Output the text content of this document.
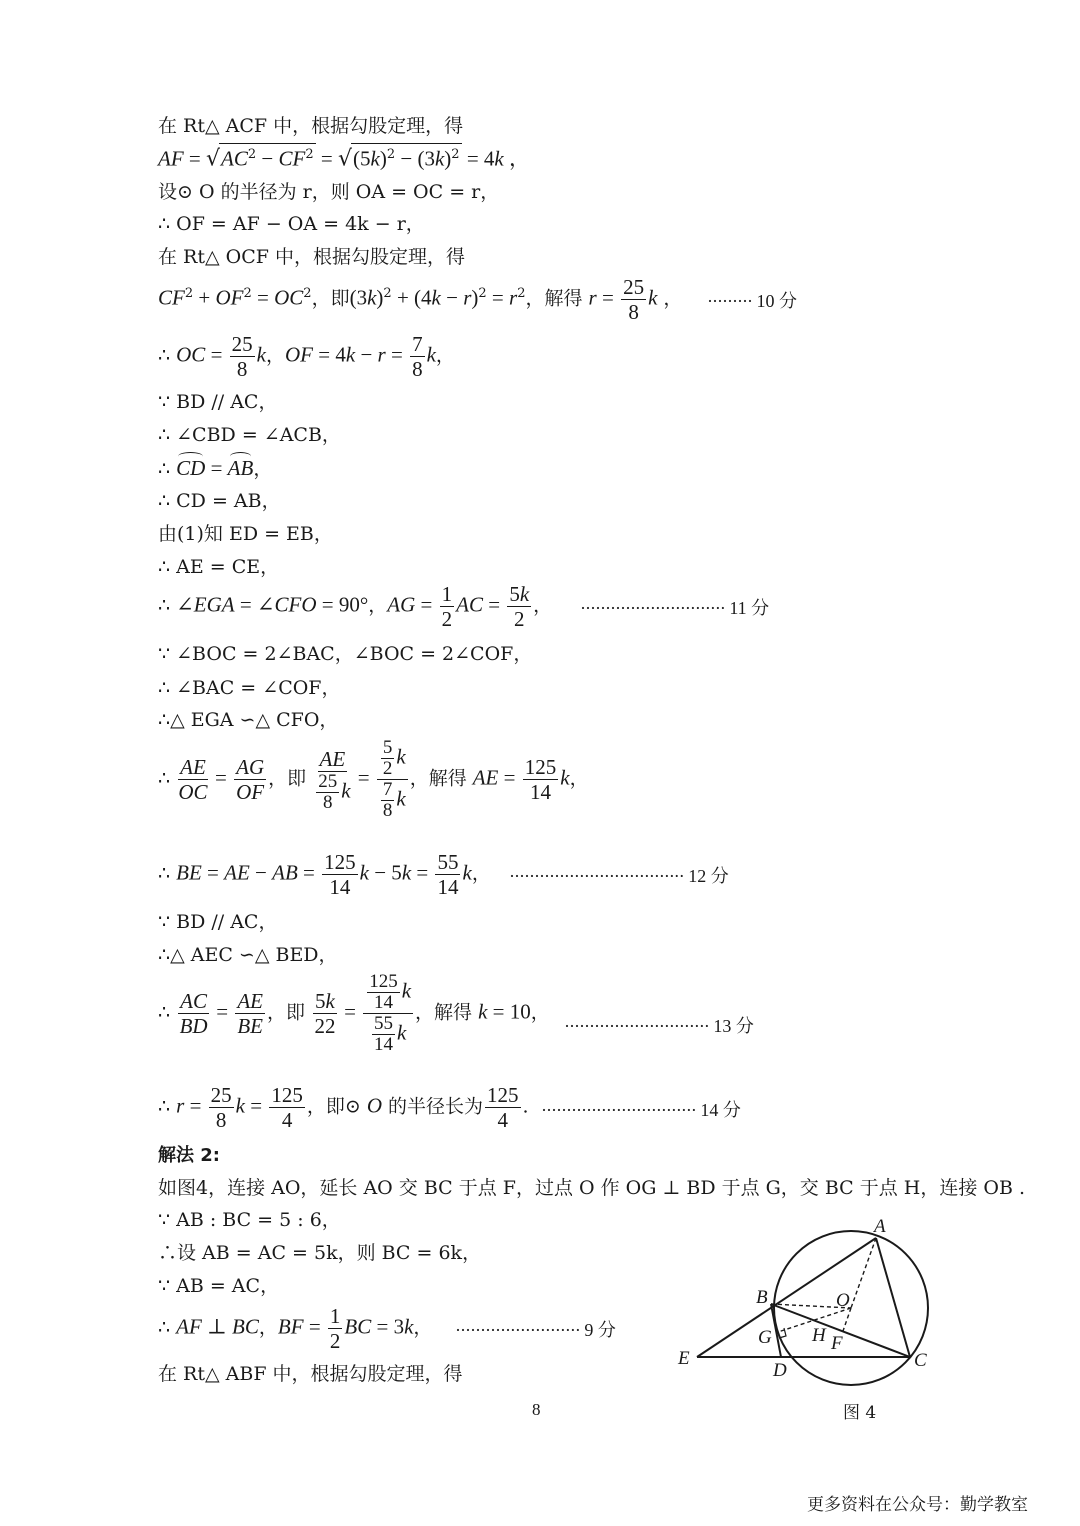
在 Rt△ ACF 中，根据勾股定理，得
AF = $√AC^2 - CF^2 = √(5k)^2 - (3k)^2 = 4k$ ，
设⊙ O 的半径为 r，则 OA = OC = r，
∴ OF = AF − OA = 4k − r，
在 Rt△ OCF 中，根据勾股定理，得
$CF^2 + OF^2 = OC^2$，即$(3k)^2 + (4k - r)^2 = r^2$，解得 $r = \frac{25}{8}$ k ， ········· 10 分
∴ OC = $\frac{25}{8}$ k，OF = $4k - r = \frac{7}{8}$ k，
∵ BD // AC，
∴ ∠CBD = ∠ACB，
∴ CD = AB，
∴ CD = AB，
由(1)知 ED = EB，
∴ AE = CE，
∴ ∠EGA = ∠CFO = 90°，AG = $\frac{1}{2}$ AC = $\frac{5k}{2}$ ， ····························· 11 分
∵ ∠BOC = 2∠BAC，∠BOC = 2∠COF，
∴ ∠BAC = ∠COF，
∴△ EGA ∽△ CFO，
∴ $\frac{AE}{OC} = \frac{AG}{OF}$ ，即 $\frac{AE}{\frac{25}{8} k} = \frac{\frac{5}{2} k}{\frac{7}{8} k}$ ，解得 AE = $\frac{125}{14}$ k，
∴ BE = AE − AB = $\frac{125}{14}$ $k - 5k = \frac{55}{14}$ k， ··································· 12 分
∵ BD // AC，
∴△ AEC ∽△ BED，
∴ $\frac{AC}{BD} = \frac{AE}{BE}$ ，即 $\frac{5k}{22} = \frac{\frac{125}{14} k}{\frac{55}{14} k}$ ，解得 k = 10，
····························· 13 分
∴ $r = \frac{25}{8}$ $k = \frac{125}{4}$ ，即⊙ O 的半径长为 $\frac{125}{4}$ . ······························· 14 分
解法 2:
如图4，连接 AO，延长 AO 交 BC 于点 F，过点 O 作 OG ⊥ BD 于点 G，交 BC 于点 H，连接 OB .
∵ AB : BC = 5 : 6，
∴设 AB = AC = 5k，则 BC = 6k，
∵ AB = AC，
∴ AF ⊥ BC，BF = $\frac{1}{2}$ BC = 3k， ························· 9 分
在 Rt△ ABF 中，根据勾股定理，得
A
B	O
G H F
E
D	C
8	图 4
更多资料在公众号：勤学教室
